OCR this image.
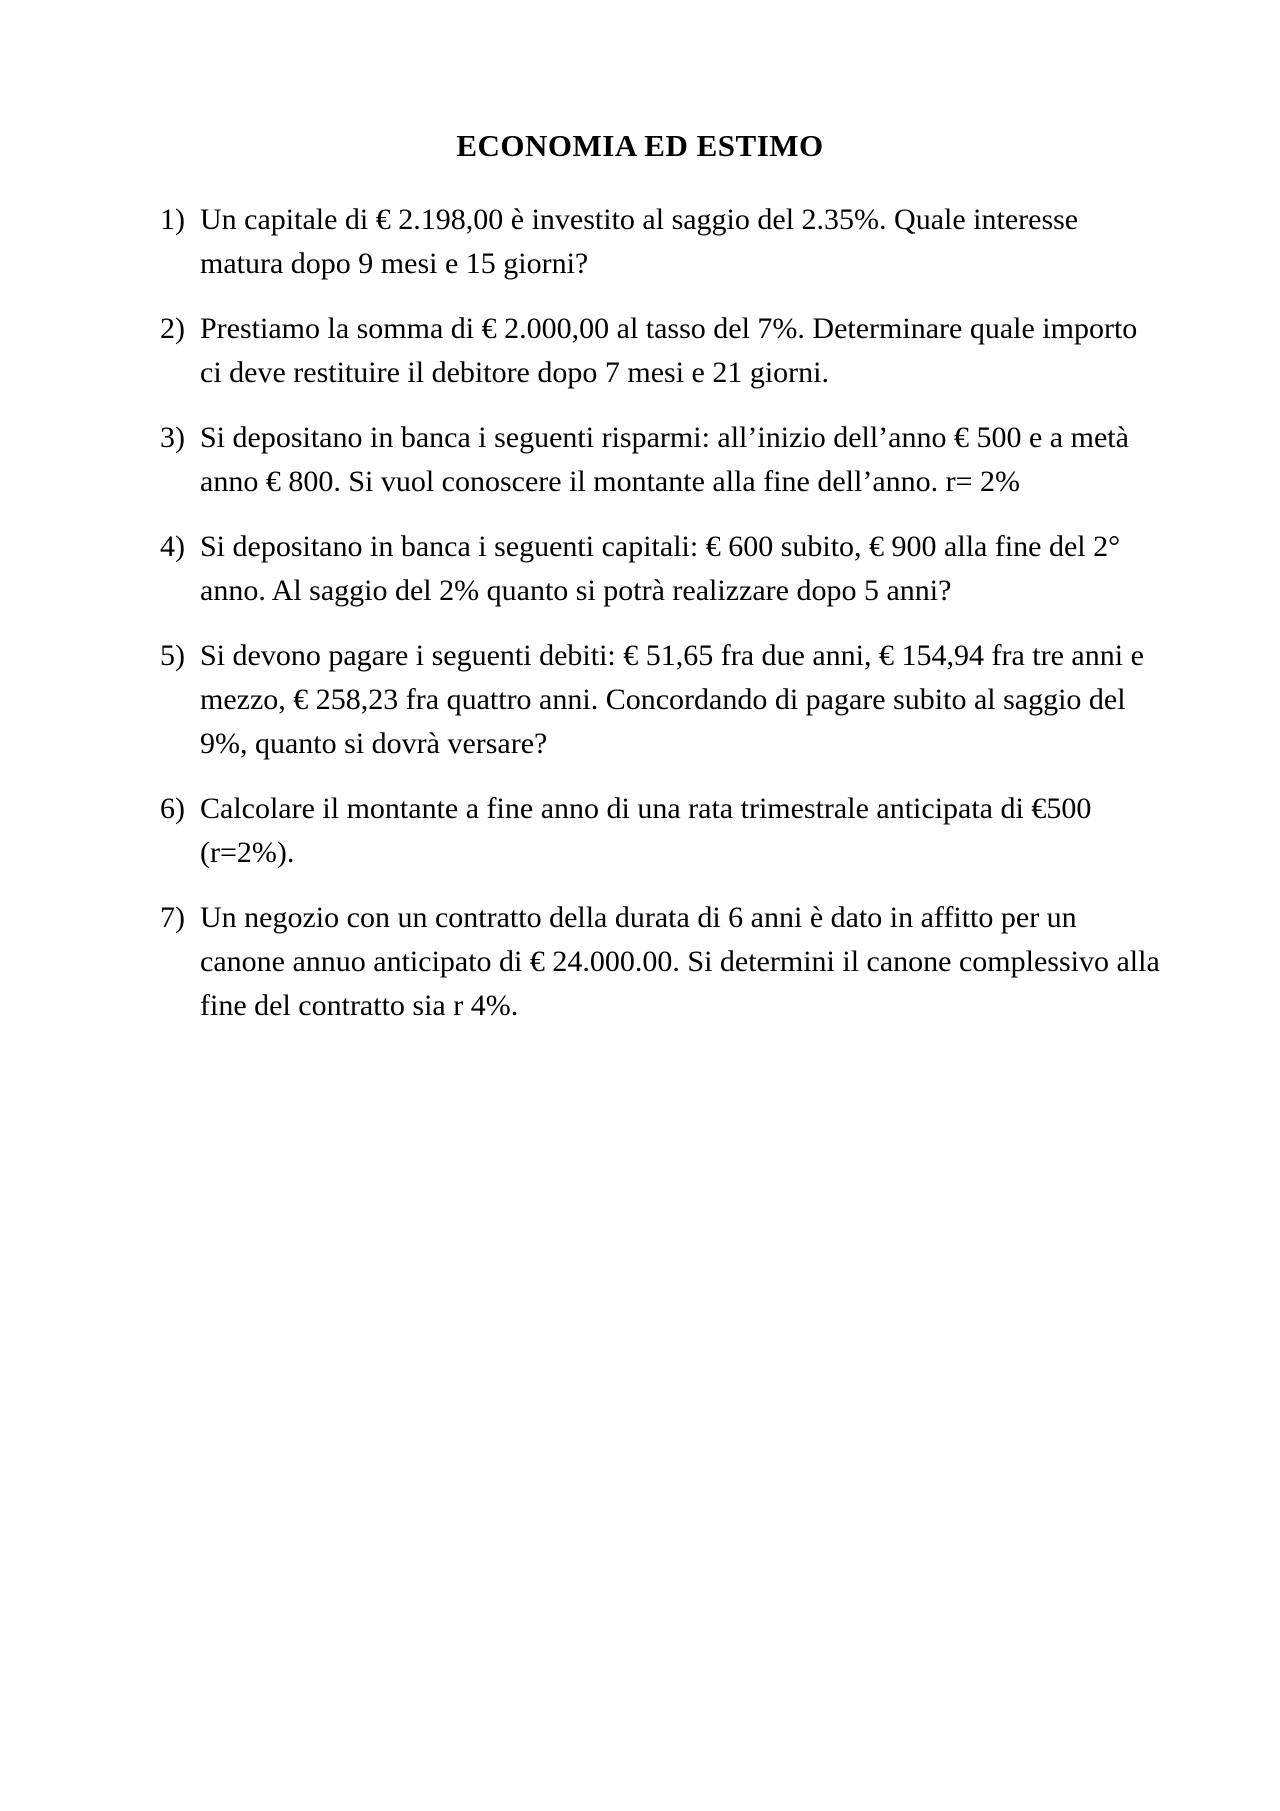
ECONOMIA ED ESTIMO
1) Un capitale di € 2.198,00 è investito al saggio del 2.35%. Quale interesse matura dopo 9 mesi e 15 giorni?
2) Prestiamo la somma di € 2.000,00 al tasso del 7%. Determinare quale importo ci deve restituire il debitore dopo 7 mesi e 21 giorni.
3) Si depositano in banca i seguenti risparmi: all’inizio dell’anno € 500 e a metà anno € 800. Si vuol conoscere il montante alla fine dell’anno. r= 2%
4) Si depositano in banca i seguenti capitali: € 600 subito, € 900 alla fine del 2° anno. Al saggio del 2% quanto si potrà realizzare dopo 5 anni?
5) Si devono pagare i seguenti debiti: € 51,65 fra due anni, € 154,94 fra tre anni e mezzo, € 258,23 fra quattro anni. Concordando di pagare subito al saggio del 9%, quanto si dovrà versare?
6) Calcolare il montante a fine anno di una rata trimestrale anticipata di €500 (r=2%).
7) Un negozio con un contratto della durata di 6 anni è dato in affitto per un canone annuo anticipato di € 24.000.00. Si determini il canone complessivo alla fine del contratto sia r 4%.
